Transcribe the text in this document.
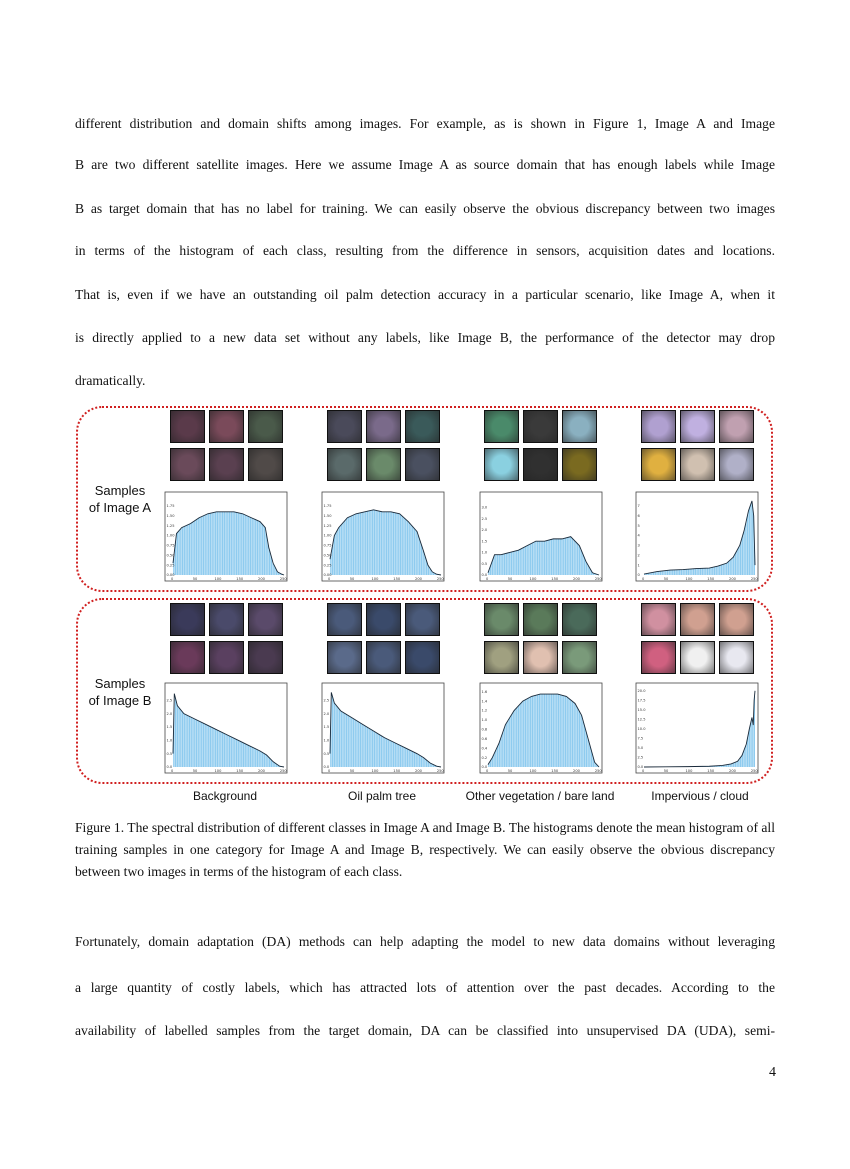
different distribution and domain shifts among images. For example, as is shown in Figure 1, Image A and Image
B are two different satellite images. Here we assume Image A as source domain that has enough labels while Image
B as target domain that has no label for training. We can easily observe the obvious discrepancy between two images
in terms of the histogram of each class, resulting from the difference in sensors, acquisition dates and locations.
That is, even if we have an outstanding oil palm detection accuracy in a particular scenario, like Image A, when it
is directly applied to a new data set without any labels, like Image B, the performance of the detector may drop
dramatically.
Samples
of Image A
Samples
of Image B
0.00
0.25
0.50
0.75
1.00
1.25
1.50
1.75
0	50	100	150	200	250
0.00
0.25
0.50
0.75
1.00
1.25
1.50
1.75
0	50	100	150	200	250
0.0
0.5
1.0
1.5
2.0
2.5
3.0
0	50	100	150	200	250
0
1
2
3
4
5
6
7
0	50	100	150	200	250
0.0
0.5
1.0
1.5
2.0
2.5
0	50	100	150	200	250
0.0
0.5
1.0
1.5
2.0
2.5
0	50	100	150	200	250
0.0
0.2
0.4
0.6
0.8
1.0
1.2
1.4
1.6
0	50	100	150	200	250
0.0
2.5
5.0
7.5
10.0
12.5
15.0
17.5
20.0
0	50	100	150	200	250
Background	Oil palm tree	Other vegetation / bare land	Impervious / cloud
Figure 1. The spectral distribution of different classes in Image A and Image B. The histograms denote the mean histogram of all training samples in one category for Image A and Image B, respectively. We can easily observe the obvious discrepancy between two images in terms of the histogram of each class.
Fortunately, domain adaptation (DA) methods can help adapting the model to new data domains without leveraging
a large quantity of costly labels, which has attracted lots of attention over the past decades. According to the
availability of labelled samples from the target domain, DA can be classified into unsupervised DA (UDA), semi-
4
